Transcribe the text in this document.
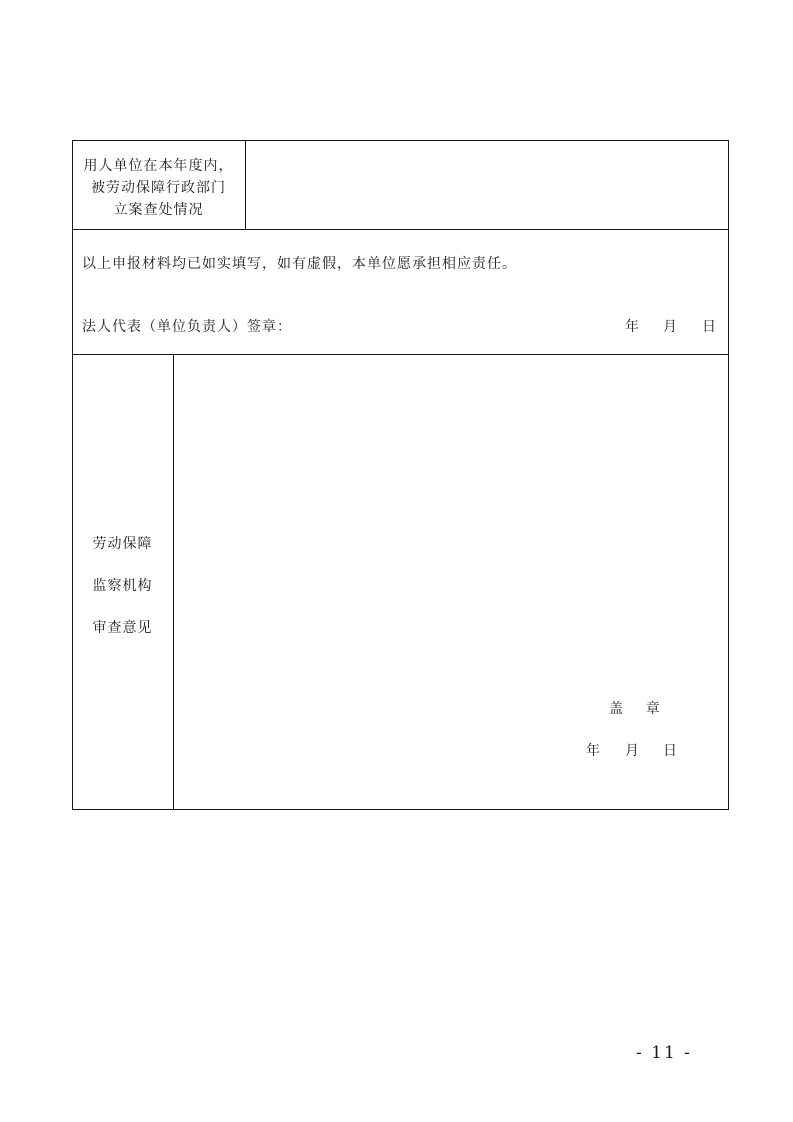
用人单位在本年度内，
被劳动保障行政部门
立案查处情况
以上申报材料均已如实填写，如有虚假，本单位愿承担相应责任。
法人代表（单位负责人）签章：	年 月 日
劳动保障
监察机构
审查意见
盖    章
年 月 日
- 11 -
